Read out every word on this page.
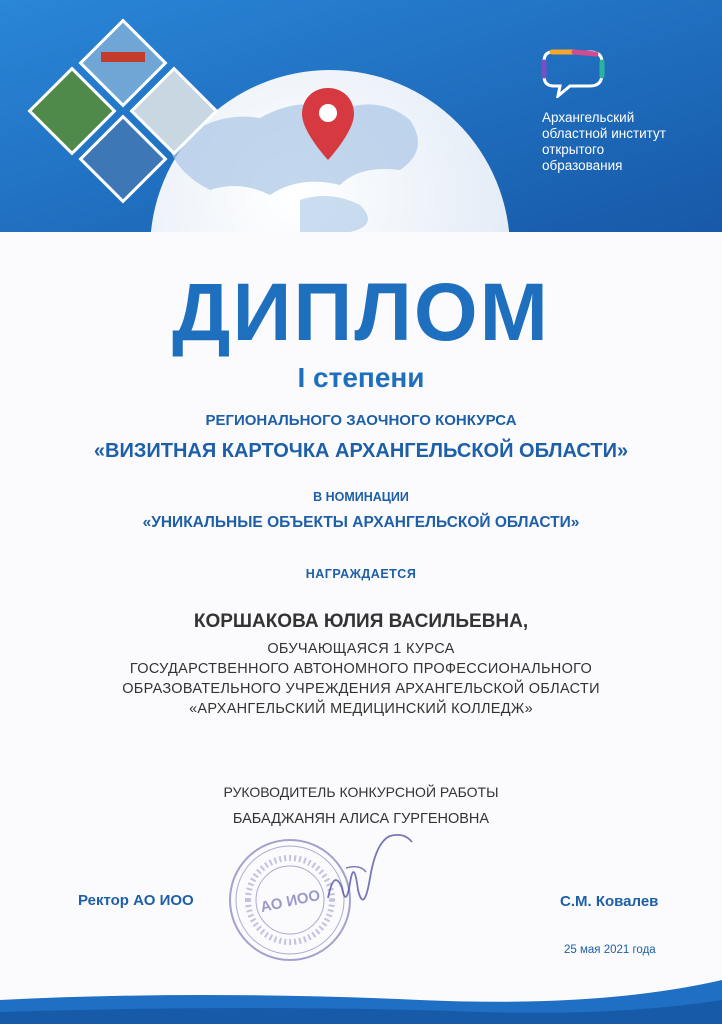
Архангельский
областной институт
открытого
образования
ДИПЛОМ
I степени
РЕГИОНАЛЬНОГО ЗАОЧНОГО КОНКУРСА
«ВИЗИТНАЯ КАРТОЧКА АРХАНГЕЛЬСКОЙ ОБЛАСТИ»
В НОМИНАЦИИ
«УНИКАЛЬНЫЕ ОБЪЕКТЫ АРХАНГЕЛЬСКОЙ ОБЛАСТИ»
НАГРАЖДАЕТСЯ
КОРШАКОВА ЮЛИЯ ВАСИЛЬЕВНА,
ОБУЧАЮЩАЯСЯ 1 КУРСА
ГОСУДАРСТВЕННОГО АВТОНОМНОГО ПРОФЕССИОНАЛЬНОГО
ОБРАЗОВАТЕЛЬНОГО УЧРЕЖДЕНИЯ АРХАНГЕЛЬСКОЙ ОБЛАСТИ
«АРХАНГЕЛЬСКИЙ МЕДИЦИНСКИЙ КОЛЛЕДЖ»
РУКОВОДИТЕЛЬ КОНКУРСНОЙ РАБОТЫ
БАБАДЖАНЯН АЛИСА ГУРГЕНОВНА
АО ИОО
Ректор АО ИОО	С.М. Ковалев
25 мая 2021 года
